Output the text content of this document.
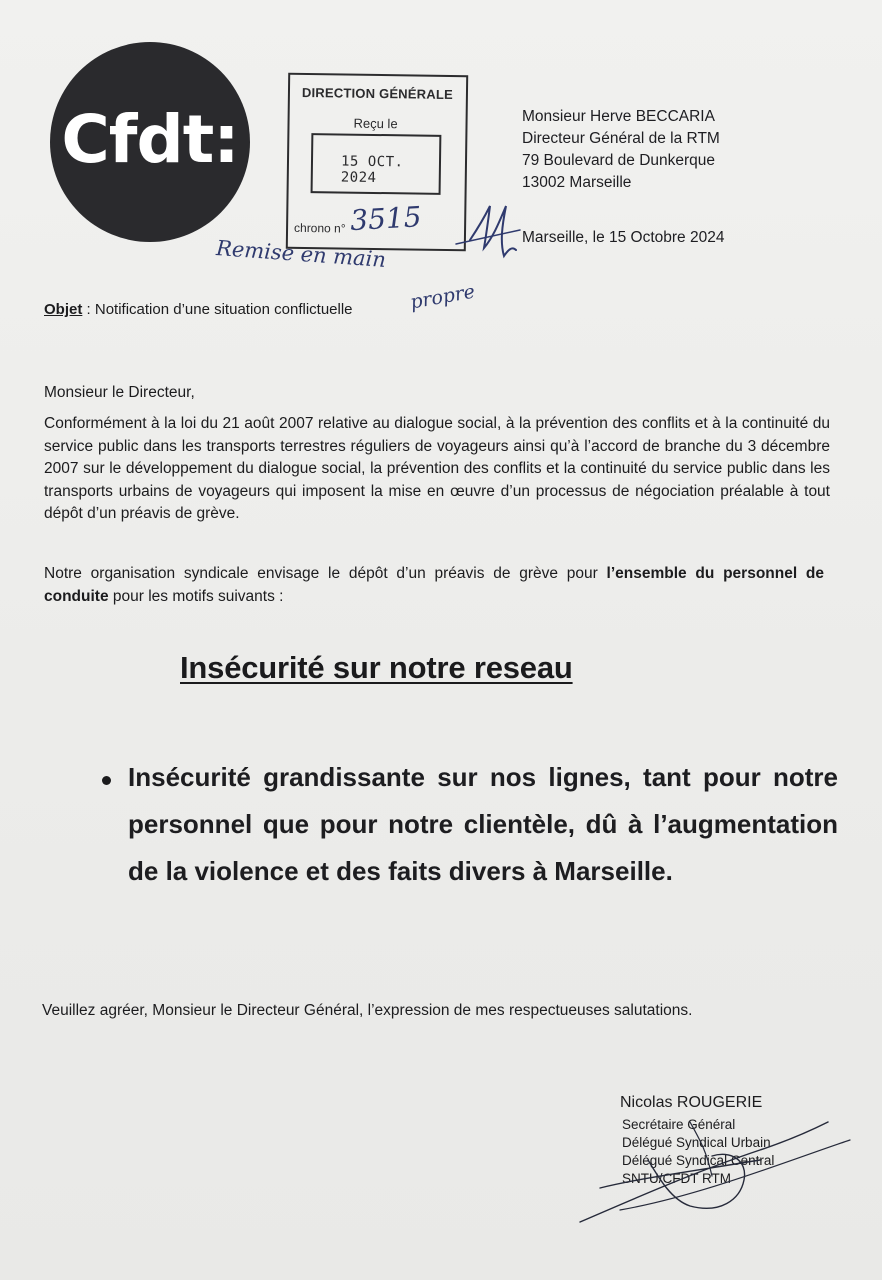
Cfdt:
DIRECTION GÉNÉRALE
Reçu le
15 OCT. 2024
chrono n° 3515
Remise en main
propre
Monsieur Herve BECCARIA
Directeur Général de la RTM
79 Boulevard de Dunkerque
13002 Marseille
Marseille, le 15 Octobre 2024
Objet : Notification d’une situation conflictuelle
Monsieur le Directeur,
Conformément à la loi du 21 août 2007 relative au dialogue social, à la prévention des conflits et à la continuité du service public dans les transports terrestres réguliers de voyageurs ainsi qu’à l’accord de branche du 3 décembre 2007 sur le développement du dialogue social, la prévention des conflits et la continuité du service public dans les transports urbains de voyageurs qui imposent la mise en œuvre d’un processus de négociation préalable à tout dépôt d’un préavis de grève.
Notre organisation syndicale envisage le dépôt d’un préavis de grève pour l’ensemble du personnel de conduite pour les motifs suivants :
Insécurité sur notre reseau
Insécurité grandissante sur nos lignes, tant pour notre personnel que pour notre clientèle, dû à l’augmentation de la violence et des faits divers à Marseille.
Veuillez agréer, Monsieur le Directeur Général, l’expression de mes respectueuses salutations.
Nicolas ROUGERIE
Secrétaire Général
Délégué Syndical Urbain
Délégué Syndical Central
SNTU/CFDT RTM
